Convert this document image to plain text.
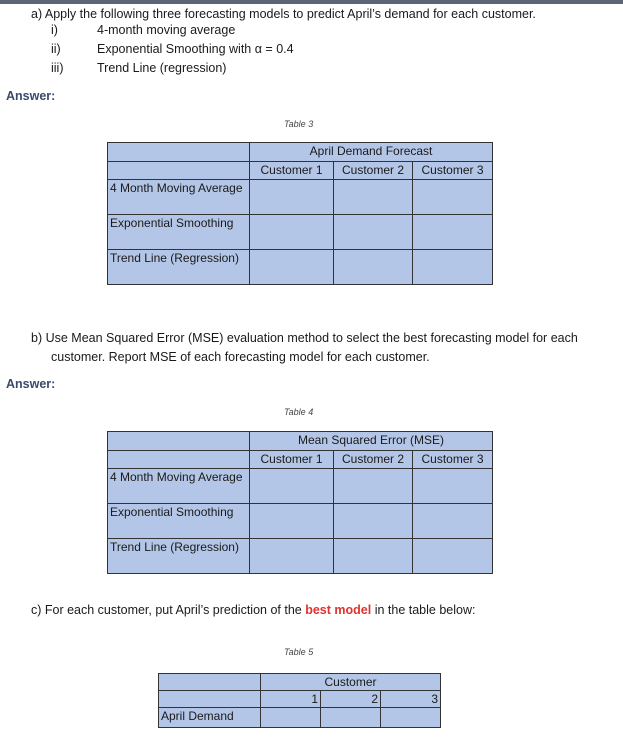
a) Apply the following three forecasting models to predict April’s demand for each customer.
i)	4-month moving average
ii)	Exponential Smoothing with α = 0.4
iii)	Trend Line (regression)
Answer:
Table 3
	April Demand Forecast		
	Customer 1	Customer 2	Customer 3
4 Month Moving Average			
Exponential Smoothing			
Trend Line (Regression)			
b) Use Mean Squared Error (MSE) evaluation method to select the best forecasting model for each
customer. Report MSE of each forecasting model for each customer.
Answer:
Table 4
	Mean Squared Error (MSE)		
	Customer 1	Customer 2	Customer 3
4 Month Moving Average			
Exponential Smoothing			
Trend Line (Regression)			
c) For each customer, put April’s prediction of the best model in the table below:
Table 5
	Customer		
	1	2	3
April Demand			
